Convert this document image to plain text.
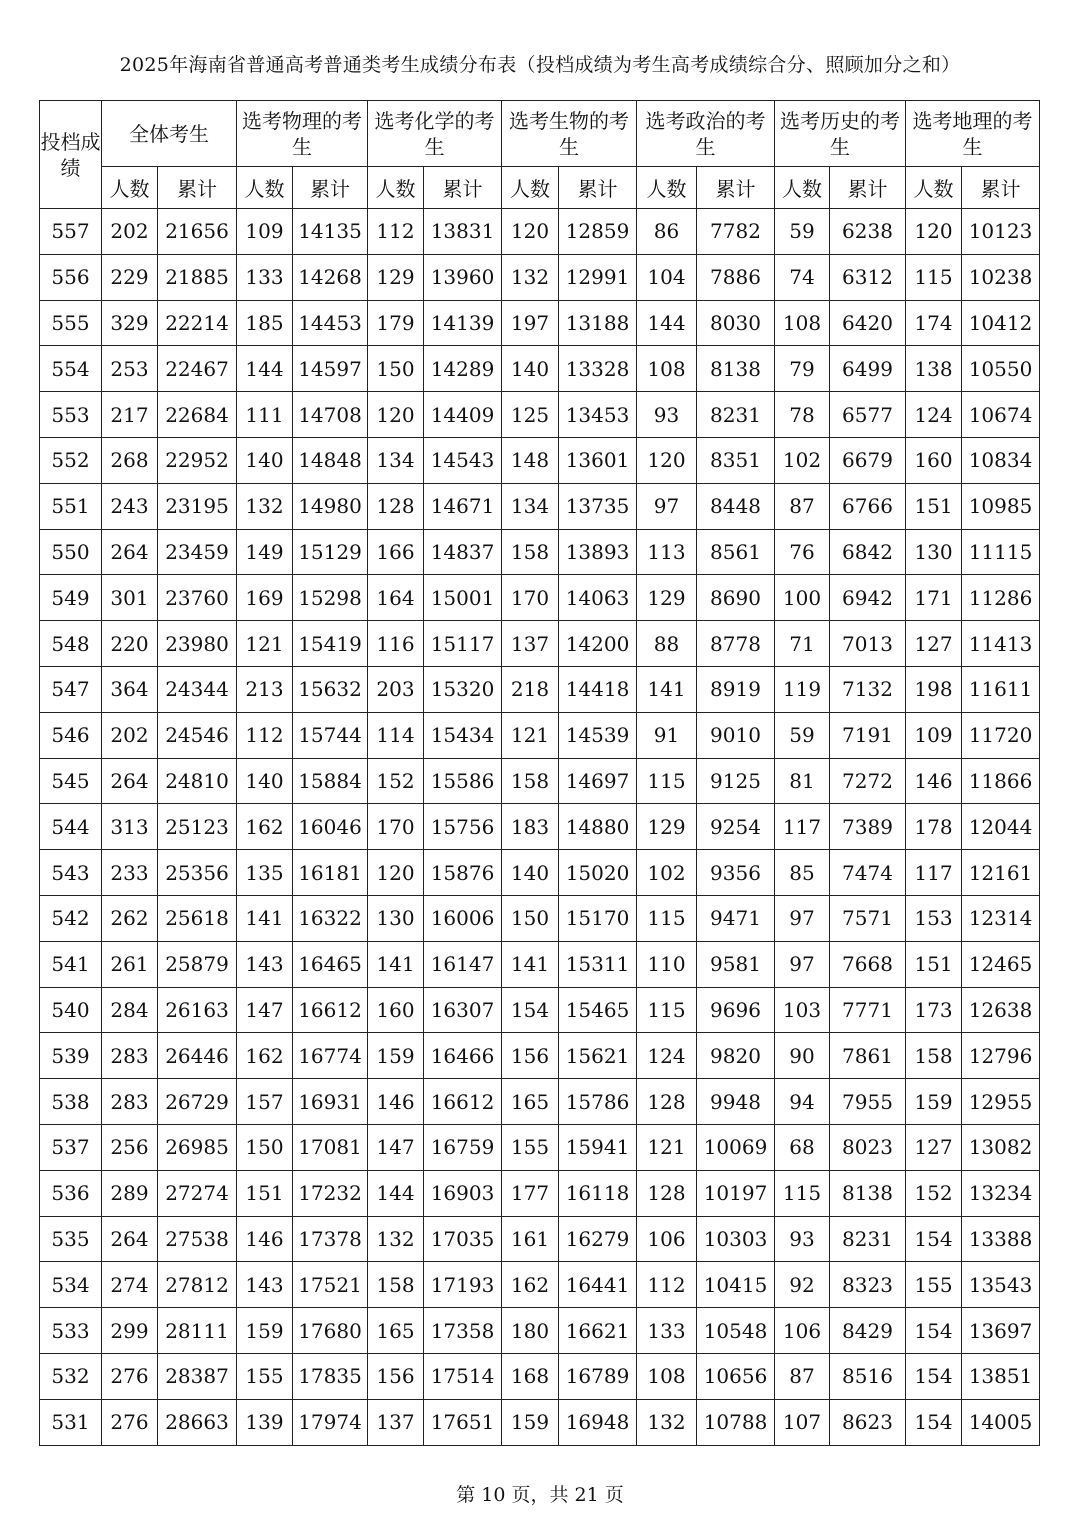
2025年海南省普通高考普通类考生成绩分布表（投档成绩为考生高考成绩综合分、照顾加分之和）
投档成绩	全体考生		选考物理的考生		选考化学的考生		选考生物的考生		选考政治的考生		选考历史的考生		选考地理的考生	
	人数	累计	人数	累计	人数	累计	人数	累计	人数	累计	人数	累计	人数	累计
557	202	21656	109	14135	112	13831	120	12859	86	7782	59	6238	120	10123
556	229	21885	133	14268	129	13960	132	12991	104	7886	74	6312	115	10238
555	329	22214	185	14453	179	14139	197	13188	144	8030	108	6420	174	10412
554	253	22467	144	14597	150	14289	140	13328	108	8138	79	6499	138	10550
553	217	22684	111	14708	120	14409	125	13453	93	8231	78	6577	124	10674
552	268	22952	140	14848	134	14543	148	13601	120	8351	102	6679	160	10834
551	243	23195	132	14980	128	14671	134	13735	97	8448	87	6766	151	10985
550	264	23459	149	15129	166	14837	158	13893	113	8561	76	6842	130	11115
549	301	23760	169	15298	164	15001	170	14063	129	8690	100	6942	171	11286
548	220	23980	121	15419	116	15117	137	14200	88	8778	71	7013	127	11413
547	364	24344	213	15632	203	15320	218	14418	141	8919	119	7132	198	11611
546	202	24546	112	15744	114	15434	121	14539	91	9010	59	7191	109	11720
545	264	24810	140	15884	152	15586	158	14697	115	9125	81	7272	146	11866
544	313	25123	162	16046	170	15756	183	14880	129	9254	117	7389	178	12044
543	233	25356	135	16181	120	15876	140	15020	102	9356	85	7474	117	12161
542	262	25618	141	16322	130	16006	150	15170	115	9471	97	7571	153	12314
541	261	25879	143	16465	141	16147	141	15311	110	9581	97	7668	151	12465
540	284	26163	147	16612	160	16307	154	15465	115	9696	103	7771	173	12638
539	283	26446	162	16774	159	16466	156	15621	124	9820	90	7861	158	12796
538	283	26729	157	16931	146	16612	165	15786	128	9948	94	7955	159	12955
537	256	26985	150	17081	147	16759	155	15941	121	10069	68	8023	127	13082
536	289	27274	151	17232	144	16903	177	16118	128	10197	115	8138	152	13234
535	264	27538	146	17378	132	17035	161	16279	106	10303	93	8231	154	13388
534	274	27812	143	17521	158	17193	162	16441	112	10415	92	8323	155	13543
533	299	28111	159	17680	165	17358	180	16621	133	10548	106	8429	154	13697
532	276	28387	155	17835	156	17514	168	16789	108	10656	87	8516	154	13851
531	276	28663	139	17974	137	17651	159	16948	132	10788	107	8623	154	14005
第 10 页，共 21 页
